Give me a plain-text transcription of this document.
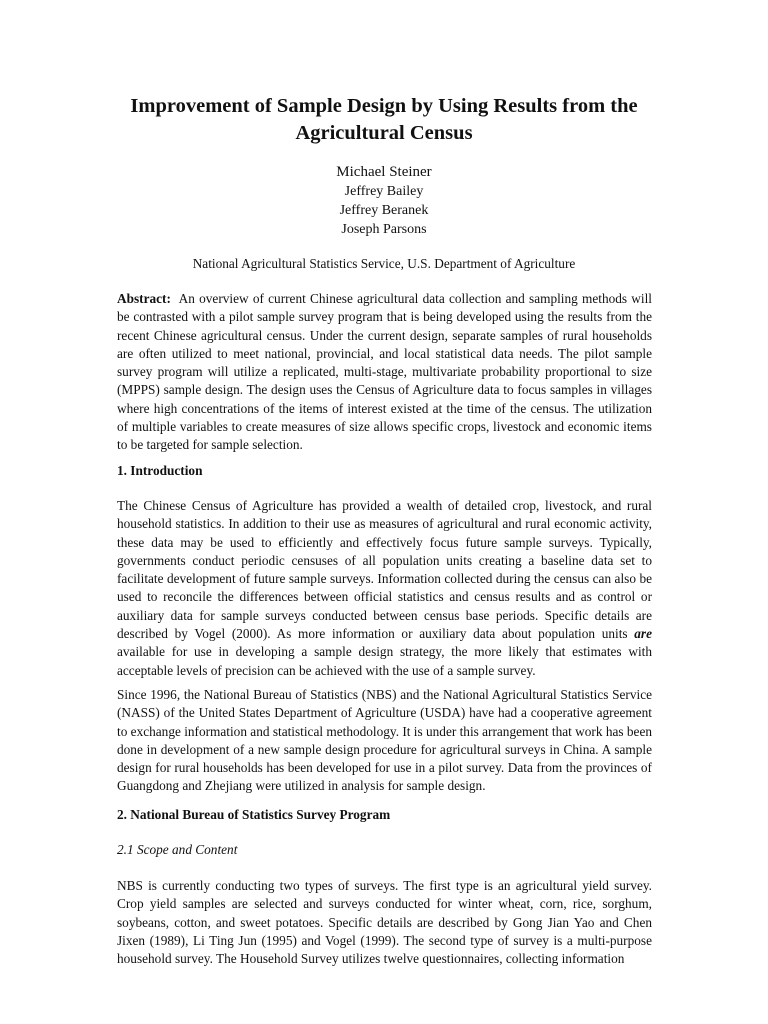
Improvement of Sample Design by Using Results from the
Agricultural Census
Michael Steiner
Jeffrey Bailey
Jeffrey Beranek
Joseph Parsons
National Agricultural Statistics Service, U.S. Department of Agriculture

Abstract: An overview of current Chinese agricultural data collection and sampling methods will be contrasted with a pilot sample survey program that is being developed using the results from the recent Chinese agricultural census. Under the current design, separate samples of rural households are often utilized to meet national, provincial, and local statistical data needs. The pilot sample survey program will utilize a replicated, multi-stage, multivariate probability proportional to size (MPPS) sample design. The design uses the Census of Agriculture data to focus samples in villages where high concentrations of the items of interest existed at the time of the census. The utilization of multiple variables to create measures of size allows specific crops, livestock and economic items to be targeted for sample selection.

1. Introduction

The Chinese Census of Agriculture has provided a wealth of detailed crop, livestock, and rural household statistics. In addition to their use as measures of agricultural and rural economic activity, these data may be used to efficiently and effectively focus future sample surveys. Typically, governments conduct periodic censuses of all population units creating a baseline data set to facilitate development of future sample surveys. Information collected during the census can also be used to reconcile the differences between official statistics and census results and as control or auxiliary data for sample surveys conducted between census base periods. Specific details are described by Vogel (2000). As more information or auxiliary data about population units are available for use in developing a sample design strategy, the more likely that estimates with acceptable levels of precision can be achieved with the use of a sample survey.

Since 1996, the National Bureau of Statistics (NBS) and the National Agricultural Statistics Service (NASS) of the United States Department of Agriculture (USDA) have had a cooperative agreement to exchange information and statistical methodology. It is under this arrangement that work has been done in development of a new sample design procedure for agricultural surveys in China. A sample design for rural households has been developed for use in a pilot survey. Data from the provinces of Guangdong and Zhejiang were utilized in analysis for sample design.

2. National Bureau of Statistics Survey Program

2.1 Scope and Content

NBS is currently conducting two types of surveys. The first type is an agricultural yield survey. Crop yield samples are selected and surveys conducted for winter wheat, corn, rice, sorghum, soybeans, cotton, and sweet potatoes. Specific details are described by Gong Jian Yao and Chen Jixen (1989), Li Ting Jun (1995) and Vogel (1999). The second type of survey is a multi-purpose household survey. The Household Survey utilizes twelve questionnaires, collecting information
